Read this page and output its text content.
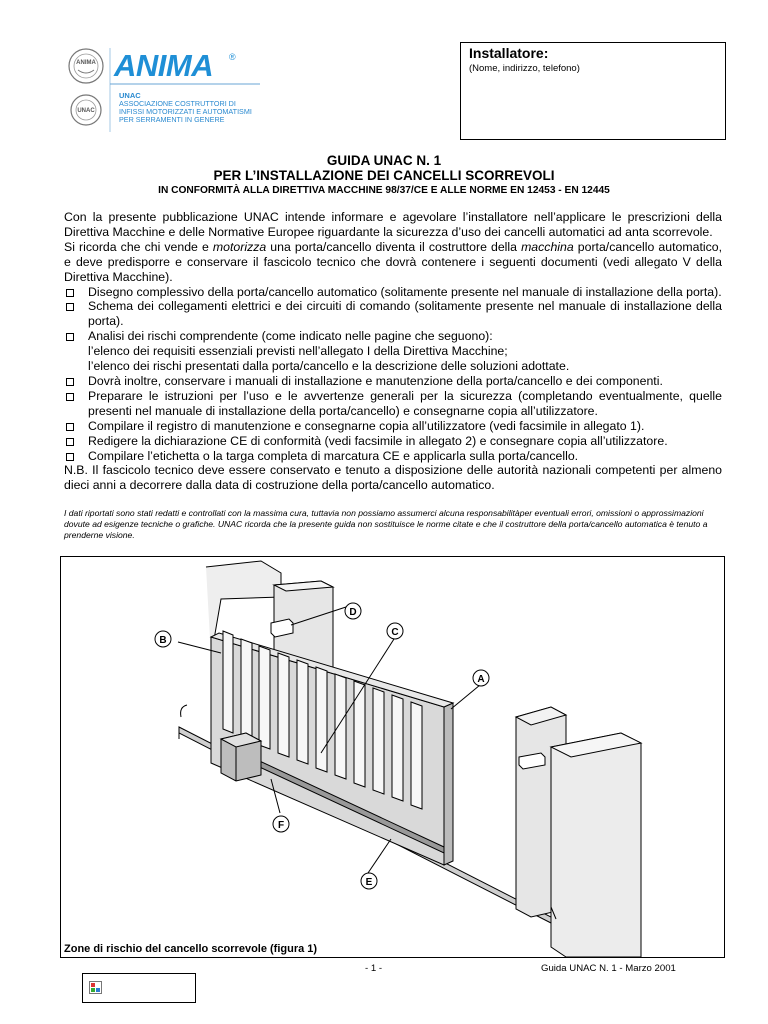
ANIMA
UNAC
ANIMA ®
UNAC
ASSOCIAZIONE COSTRUTTORI DI
INFISSI MOTORIZZATI E AUTOMATISMI
PER SERRAMENTI IN GENERE
Installatore:
(Nome, indirizzo, telefono)
GUIDA UNAC N. 1
PER L’INSTALLAZIONE DEI CANCELLI SCORREVOLI
IN CONFORMITÀ ALLA DIRETTIVA MACCHINE 98/37/CE E ALLE NORME EN 12453 - EN 12445

Con la presente pubblicazione UNAC intende informare e agevolare l’installatore nell’applicare le prescrizioni della Direttiva Macchine e delle Normative Europee riguardante la sicurezza d’uso dei cancelli automatici ad anta scorrevole.

Si ricorda che chi vende e motorizza una porta/cancello diventa il costruttore della macchina porta/cancello automatico, e deve predisporre e conservare il fascicolo tecnico che dovrà contenere i seguenti documenti (vedi allegato V della Direttiva Macchine).

Disegno complessivo della porta/cancello automatico (solitamente presente nel manuale di installazione della porta).
Schema dei collegamenti elettrici e dei circuiti di comando (solitamente presente nel manuale di installazione della porta).
Analisi dei rischi comprendente (come indicato nelle pagine che seguono):
l’elenco dei requisiti essenziali previsti nell’allegato I della Direttiva Macchine;
l’elenco dei rischi presentati dalla porta/cancello e la descrizione delle soluzioni adottate.
Dovrà inoltre, conservare i manuali di installazione e manutenzione della porta/cancello e dei componenti.
Preparare le istruzioni per l’uso e le avvertenze generali per la sicurezza (completando eventualmente, quelle presenti nel manuale di installazione della porta/cancello) e consegnarne copia all’utilizzatore.
Compilare il registro di manutenzione e consegnarne copia all’utilizzatore (vedi facsimile in allegato 1).
Redigere la dichiarazione CE di conformità (vedi facsimile in allegato 2) e consegnare copia all’utilizzatore.
Compilare l’etichetta o la targa completa di marcatura CE e applicarla sulla porta/cancello.

N.B. Il fascicolo tecnico deve essere conservato e tenuto a disposizione delle autorità nazionali competenti per almeno dieci anni a decorrere dalla data di costruzione della porta/cancello automatico.

I dati riportati sono stati redatti e controllati con la massima cura, tuttavia non possiamo assumerci alcuna responsabilitàper eventuali errori, omissioni o approssimazioni dovute ad esigenze tecniche o grafiche. UNAC ricorda che la presente guida non sostituisce le norme citate e che il costruttore della porta/cancello automatica è tenuto a prenderne visione.
A
B
C
D
E
F
Zone di rischio del cancello scorrevole (figura 1)
- 1 -	Guida UNAC N. 1 - Marzo 2001
